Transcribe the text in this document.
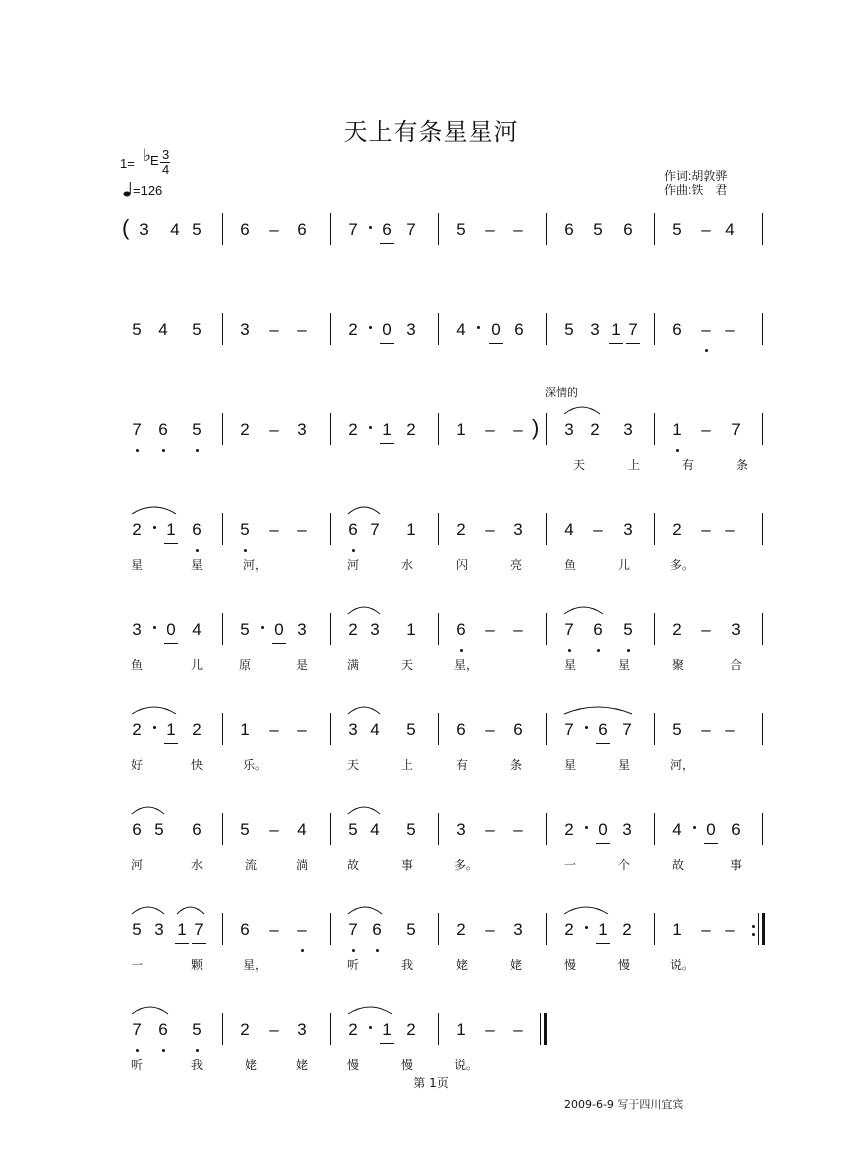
天上有条星星河
1= ♭
E 3
4
=126
作词:胡敦骅
作曲:铁　君
深情的
( 3 4 5 6 – 6 7 6 7 5 – – 6 5 6 5 – 4
5 4 5 3 – – 2 0 3 4 0 6 5 3 1 7 6 – –
)
7 6 5 2 – 3 2 1 2 1 – – 3 2 3 1 – 7
天	上	有	条
2 1 6 5 – – 6 7 1 2 – 3 4 – 3 2 – –
星	星	河，	河	水	闪	亮	鱼	儿	多。
3 0 4 5 0 3 2 3 1 6 – – 7 6 5 2 – 3
鱼	儿	原	是	满	天	星，	星	星	聚	合
2 1 2 1 – – 3 4 5 6 – 6 7 6 7 5 – –
好	快	乐。	天	上	有	条	星	星	河，
6 5 6 5 – 4 5 4 5 3 – – 2 0 3 4 0 6
河	水	流	淌	故	事	多。	一	个	故	事
5 3 1 7 6 – – 7 6 5 2 – 3 2 1 2 1 – –
一	颗	星，	听	我	姥	姥	慢	慢	说。
7 6 5 2 – 3 2 1 2 1 – –
听	我	姥	姥	慢	慢	说。
第 1页
2009-6-9 写于四川宜宾
